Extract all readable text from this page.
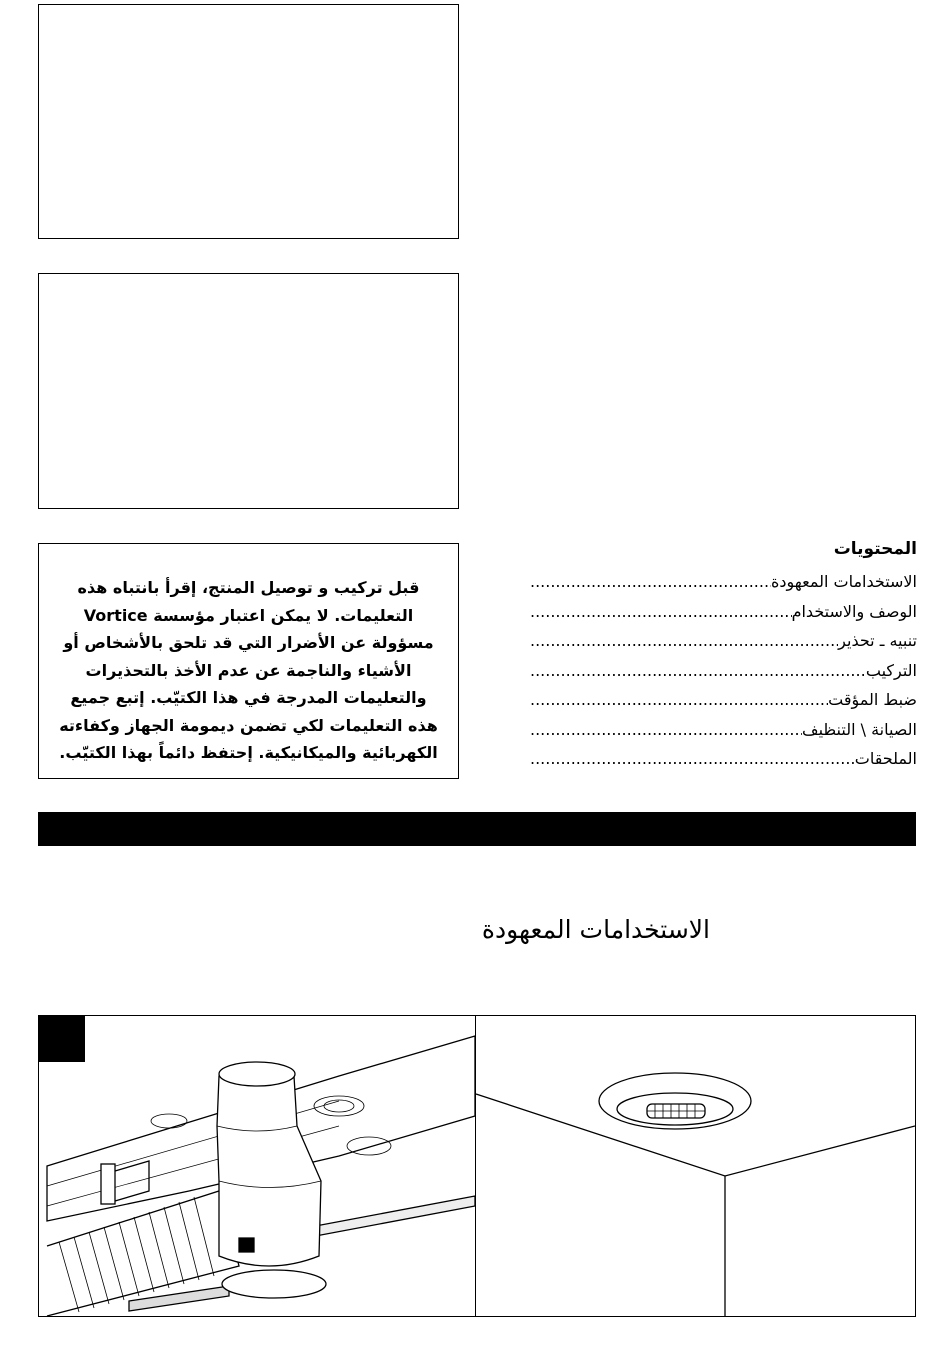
قبل تركيب و توصيل المنتج، إقرأ بانتباه هذه التعليمات. لا يمكن اعتبار مؤسسة Vortice مسؤولة عن الأضرار التي قد تلحق بالأشخاص أو الأشياء والناجمة عن عدم الأخذ بالتحذيرات والتعليمات المدرجة في هذا الكتيّب. إتبع جميع هذه التعليمات لكي تضمن ديمومة الجهاز وكفاءته الكهربائية والميكانيكية. إحتفظ دائماً بهذا الكتيّب.

المحتويات
الاستخدامات المعهودة
.....
الوصف والاستخدام
.....
تنبيه ـ تحذير
.....
التركيب
.....
ضبط المؤقت
.....
الصيانة \ التنظيف
.....
الملحقات
.....
الاستخدامات المعهودة
